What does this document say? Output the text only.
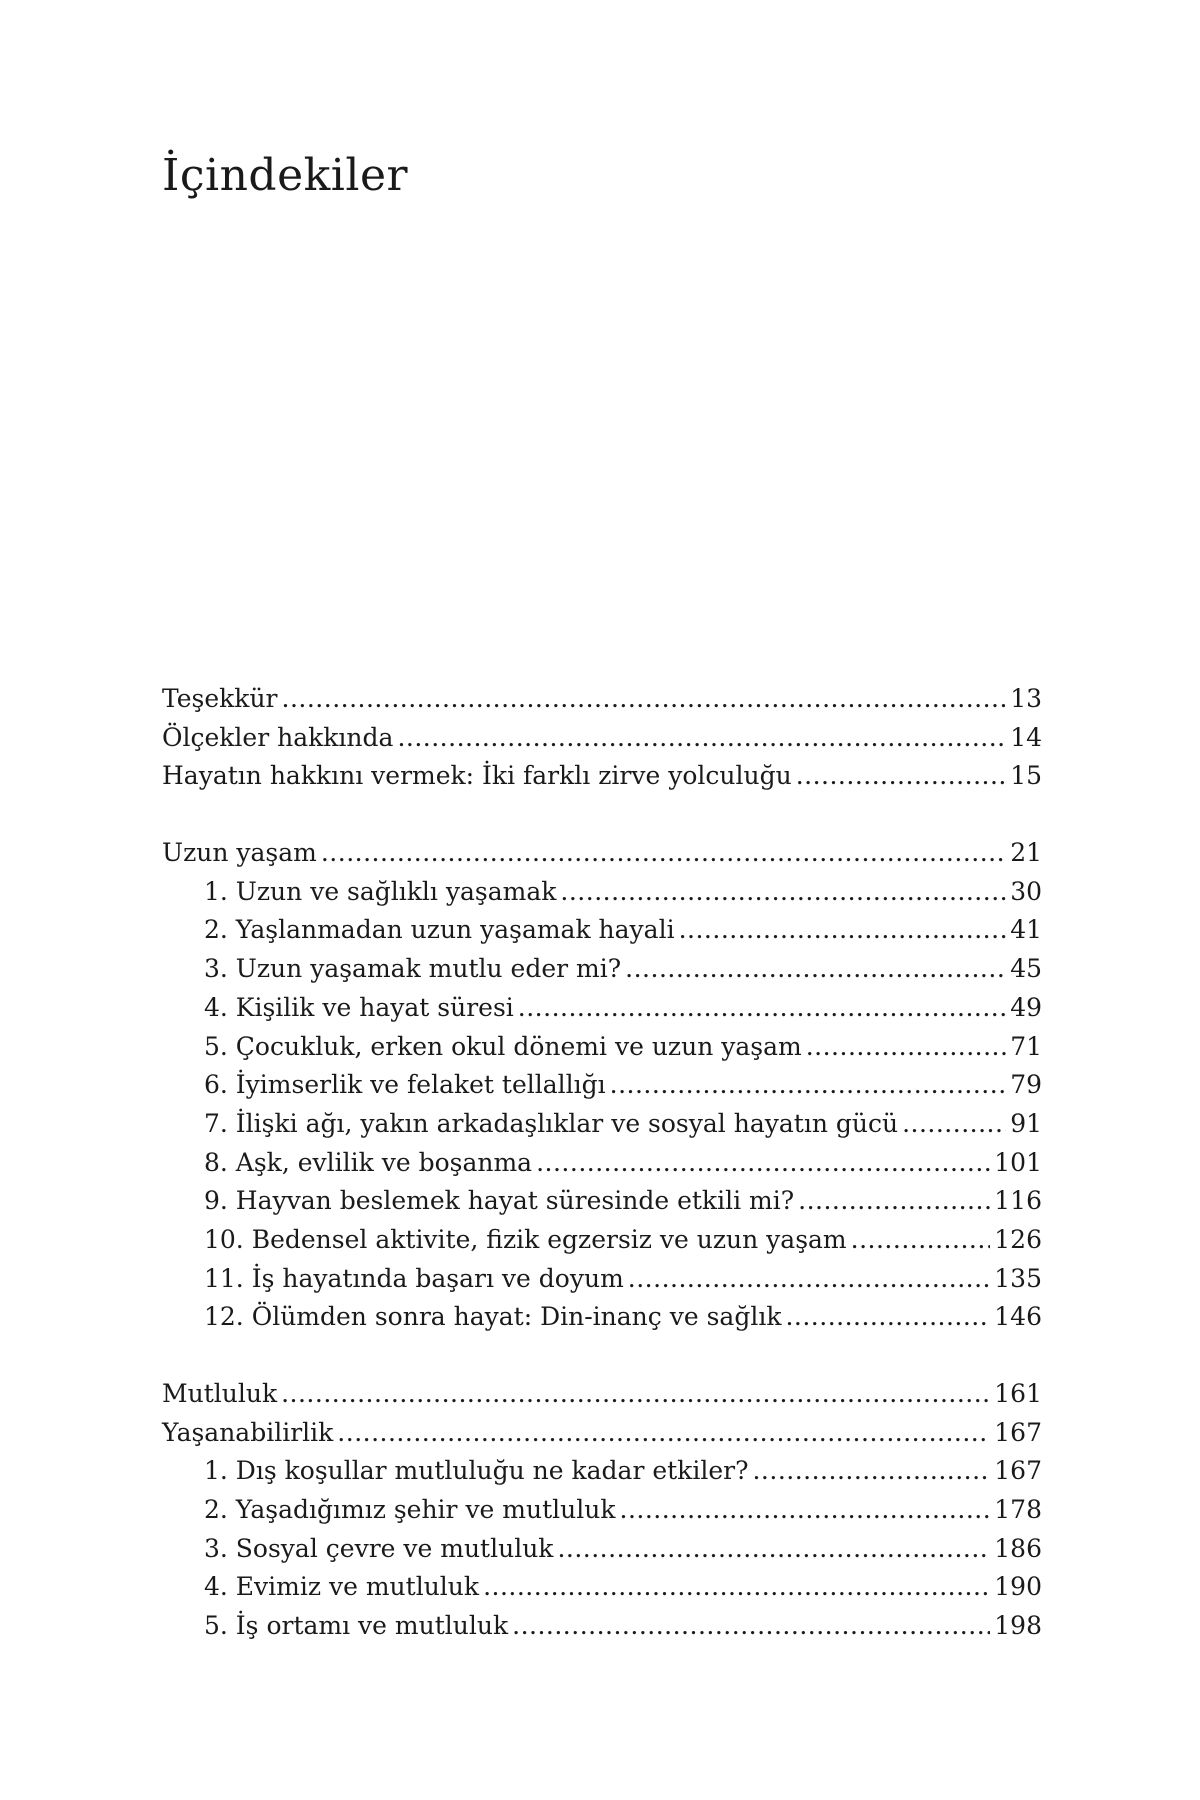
İçindekiler
Teşekkür .....	13
Ölçekler hakkında .....	14
Hayatın hakkını vermek: İki farklı zirve yolculuğu .....	15
Uzun yaşam .....	21
1. Uzun ve sağlıklı yaşamak .....	30
2. Yaşlanmadan uzun yaşamak hayali .....	41
3. Uzun yaşamak mutlu eder mi? .....	45
4. Kişilik ve hayat süresi .....	49
5. Çocukluk, erken okul dönemi ve uzun yaşam .....	71
6. İyimserlik ve felaket tellallığı .....	79
7. İlişki ağı, yakın arkadaşlıklar ve sosyal hayatın gücü .....	91
8. Aşk, evlilik ve boşanma .....	101
9. Hayvan beslemek hayat süresinde etkili mi? .....	116
10. Bedensel aktivite, fizik egzersiz ve uzun yaşam .....	126
11. İş hayatında başarı ve doyum .....	135
12. Ölümden sonra hayat: Din-inanç ve sağlık .....	146
Mutluluk .....	161
Yaşanabilirlik .....	167
1. Dış koşullar mutluluğu ne kadar etkiler? .....	167
2. Yaşadığımız şehir ve mutluluk .....	178
3. Sosyal çevre ve mutluluk .....	186
4. Evimiz ve mutluluk .....	190
5. İş ortamı ve mutluluk .....	198
